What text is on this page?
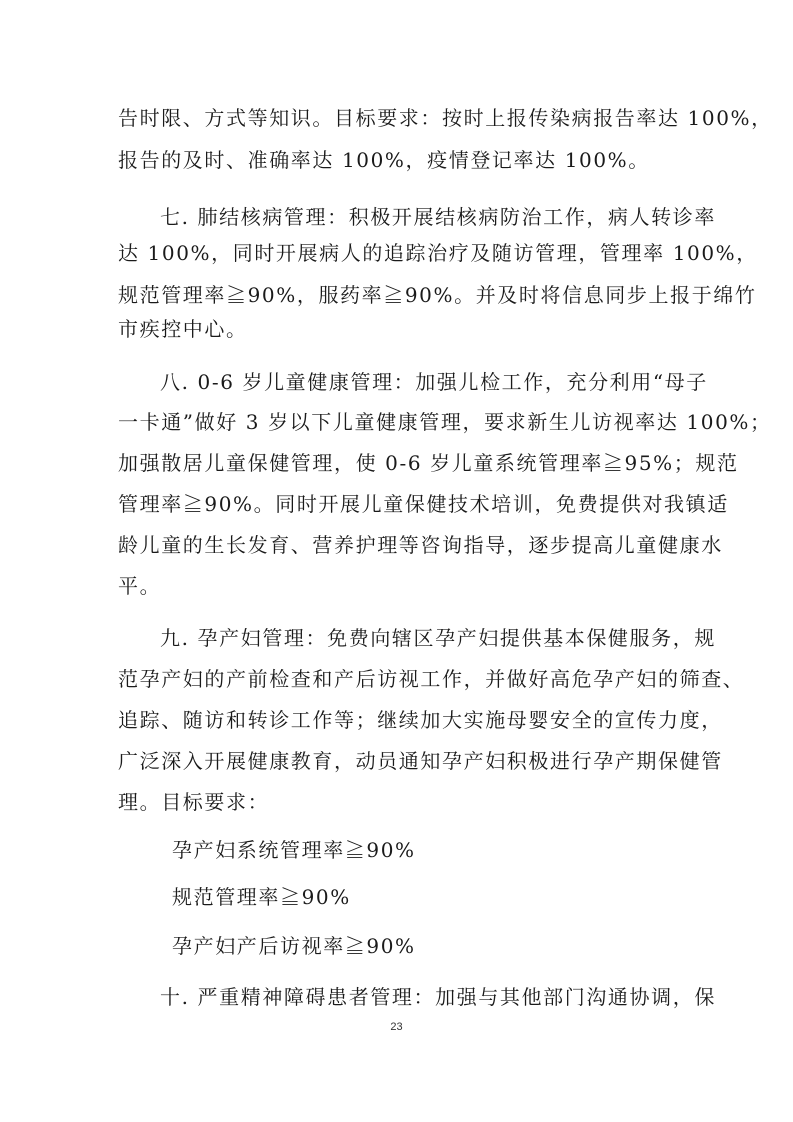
告时限、方式等知识。目标要求：按时上报传染病报告率达 100%，
报告的及时、准确率达 100%，疫情登记率达 100%。
七. 肺结核病管理：积极开展结核病防治工作，病人转诊率
达 100%，同时开展病人的追踪治疗及随访管理，管理率 100%，
规范管理率≧90%，服药率≧90%。并及时将信息同步上报于绵竹
市疾控中心。
八. 0-6 岁儿童健康管理：加强儿检工作，充分利用“母子
一卡通”做好 3 岁以下儿童健康管理，要求新生儿访视率达 100%；
加强散居儿童保健管理，使 0-6 岁儿童系统管理率≧95%；规范
管理率≧90%。同时开展儿童保健技术培训，免费提供对我镇适
龄儿童的生长发育、营养护理等咨询指导，逐步提高儿童健康水
平。
九. 孕产妇管理：免费向辖区孕产妇提供基本保健服务，规
范孕产妇的产前检查和产后访视工作，并做好高危孕产妇的筛查、
追踪、随访和转诊工作等；继续加大实施母婴安全的宣传力度，
广泛深入开展健康教育，动员通知孕产妇积极进行孕产期保健管
理。目标要求：
孕产妇系统管理率≧90%
规范管理率≧90%
孕产妇产后访视率≧90%
十. 严重精神障碍患者管理：加强与其他部门沟通协调，保
23
